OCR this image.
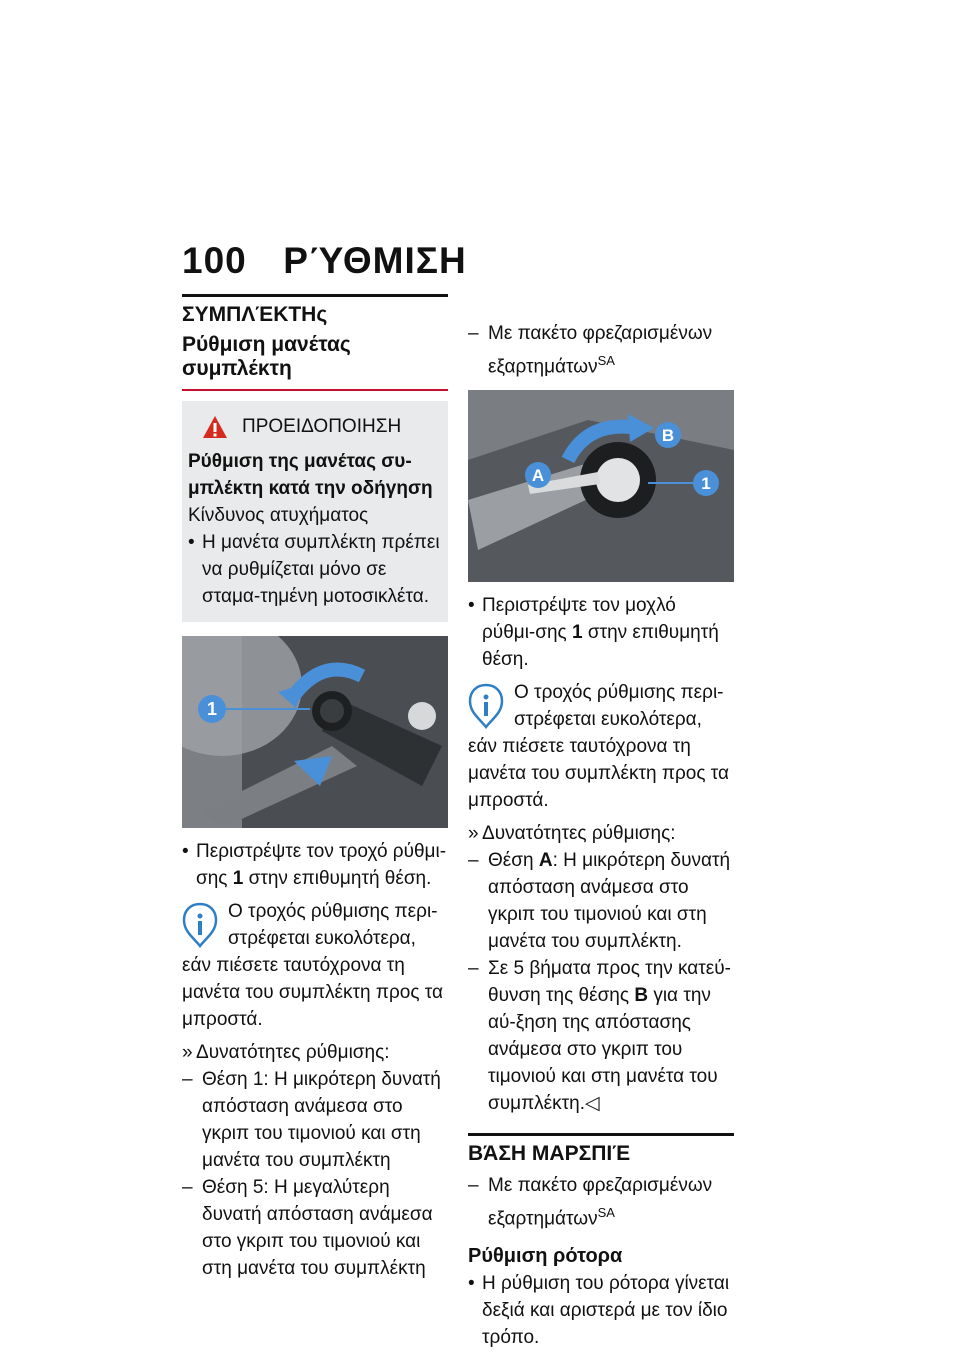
100 ΡΎΘΜΙΣΗ
ΣΥΜΠΛΈΚΤΗς
Ρύθμιση μανέτας συμπλέκτη
ΠΡΟΕΙΔΟΠΟΙΗΣΗ
Ρύθμιση της μανέτας συ-μπλέκτη κατά την οδήγηση
Κίνδυνος ατυχήματος
• Η μανέτα συμπλέκτη πρέπει να ρυθμίζεται μόνο σε σταμα-τημένη μοτοσικλέτα.
1
• Περιστρέψτε τον τροχό ρύθμι-σης 1 στην επιθυμητή θέση.
Ο τροχός ρύθμισης περι-στρέφεται ευκολότερα, εάν πιέσετε ταυτόχρονα τη μανέτα του συμπλέκτη προς τα μπροστά.
» Δυνατότητες ρύθμισης:
– Θέση 1: Η μικρότερη δυνατή απόσταση ανάμεσα στο γκριπ του τιμονιού και στη μανέτα του συμπλέκτη
– Θέση 5: Η μεγαλύτερη δυνατή απόσταση ανάμεσα στο γκριπ του τιμονιού και στη μανέτα του συμπλέκτη
– Με πακέτο φρεζαρισμένων εξαρτημάτων$^{SA}$
A
B
1
• Περιστρέψτε τον μοχλό ρύθμι-σης 1 στην επιθυμητή θέση.
Ο τροχός ρύθμισης περι-στρέφεται ευκολότερα, εάν πιέσετε ταυτόχρονα τη μανέτα του συμπλέκτη προς τα μπροστά.
» Δυνατότητες ρύθμισης:
– Θέση A: Η μικρότερη δυνατή απόσταση ανάμεσα στο γκριπ του τιμονιού και στη μανέτα του συμπλέκτη.
– Σε 5 βήματα προς την κατεύ-θυνση της θέσης B για την αύ-ξηση της απόστασης ανάμεσα στο γκριπ του τιμονιού και στη μανέτα του συμπλέκτη.◁
ΒΆΣΗ ΜΑΡΣΠΙΈ
– Με πακέτο φρεζαρισμένων εξαρτημάτων$^{SA}$
Ρύθμιση ρότορα
• Η ρύθμιση του ρότορα γίνεται δεξιά και αριστερά με τον ίδιο τρόπο.
